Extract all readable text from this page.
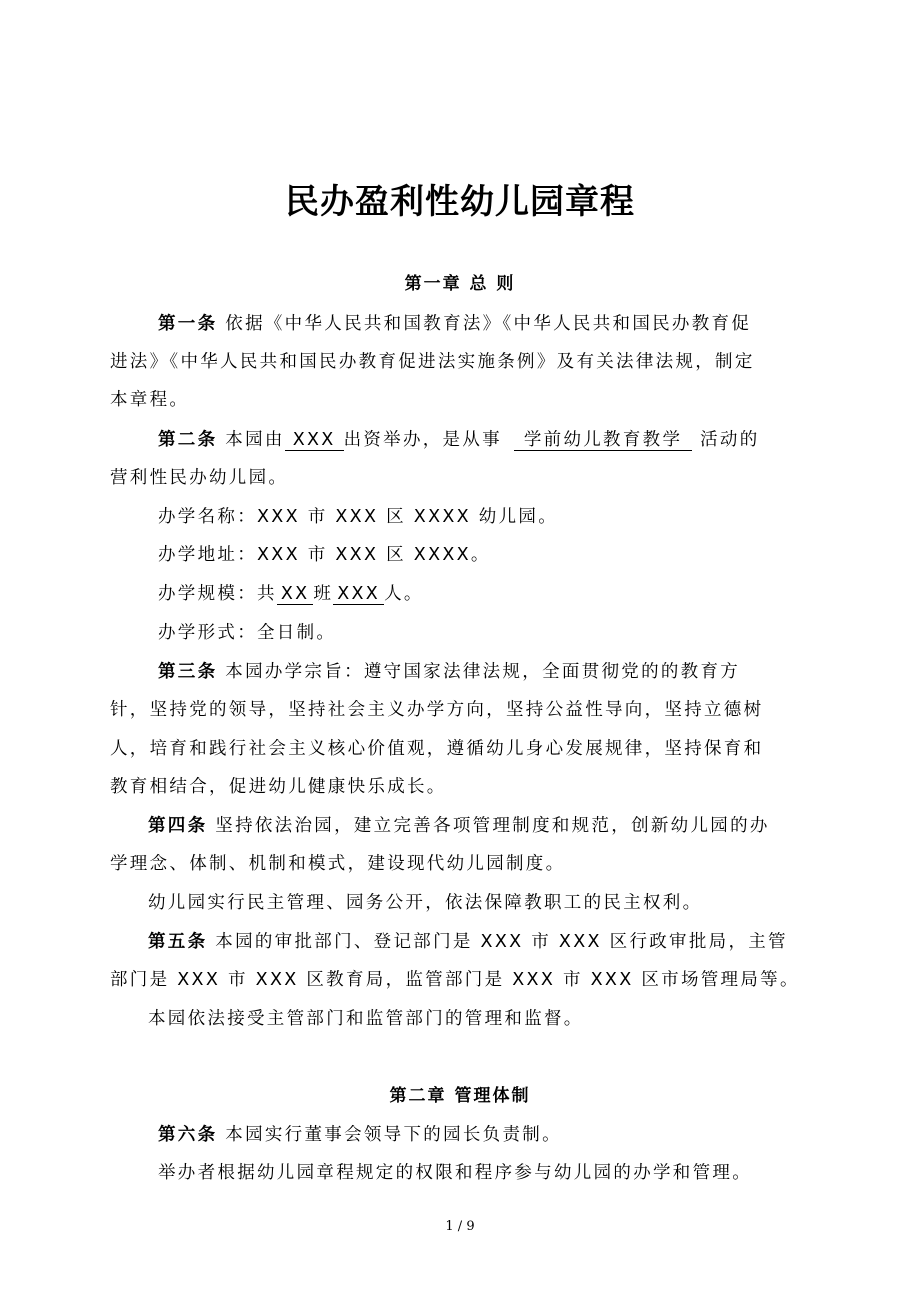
民办盈利性幼儿园章程
第一章 总 则
第一条 依据《中华人民共和国教育法》《中华人民共和国民办教育促
进法》《中华人民共和国民办教育促进法实施条例》及有关法律法规，制定
本章程。
第二条 本园由 XXX 出资举办，是从事 学前幼儿教育教学 活动的
营利性民办幼儿园。
办学名称：XXX 市 XXX 区 XXXX 幼儿园。
办学地址：XXX 市 XXX 区 XXXX。
办学规模：共 XX 班 XXX 人。
办学形式：全日制。
第三条 本园办学宗旨：遵守国家法律法规，全面贯彻党的的教育方
针，坚持党的领导，坚持社会主义办学方向，坚持公益性导向，坚持立德树
人，培育和践行社会主义核心价值观，遵循幼儿身心发展规律，坚持保育和
教育相结合，促进幼儿健康快乐成长。
第四条 坚持依法治园，建立完善各项管理制度和规范，创新幼儿园的办
学理念、体制、机制和模式，建设现代幼儿园制度。
幼儿园实行民主管理、园务公开，依法保障教职工的民主权利。
第五条 本园的审批部门、登记部门是 XXX 市 XXX 区行政审批局，主管
部门是 XXX 市 XXX 区教育局，监管部门是 XXX 市 XXX 区市场管理局等。
本园依法接受主管部门和监管部门的管理和监督。
第二章 管理体制
第六条 本园实行董事会领导下的园长负责制。
举办者根据幼儿园章程规定的权限和程序参与幼儿园的办学和管理。
1 / 9
